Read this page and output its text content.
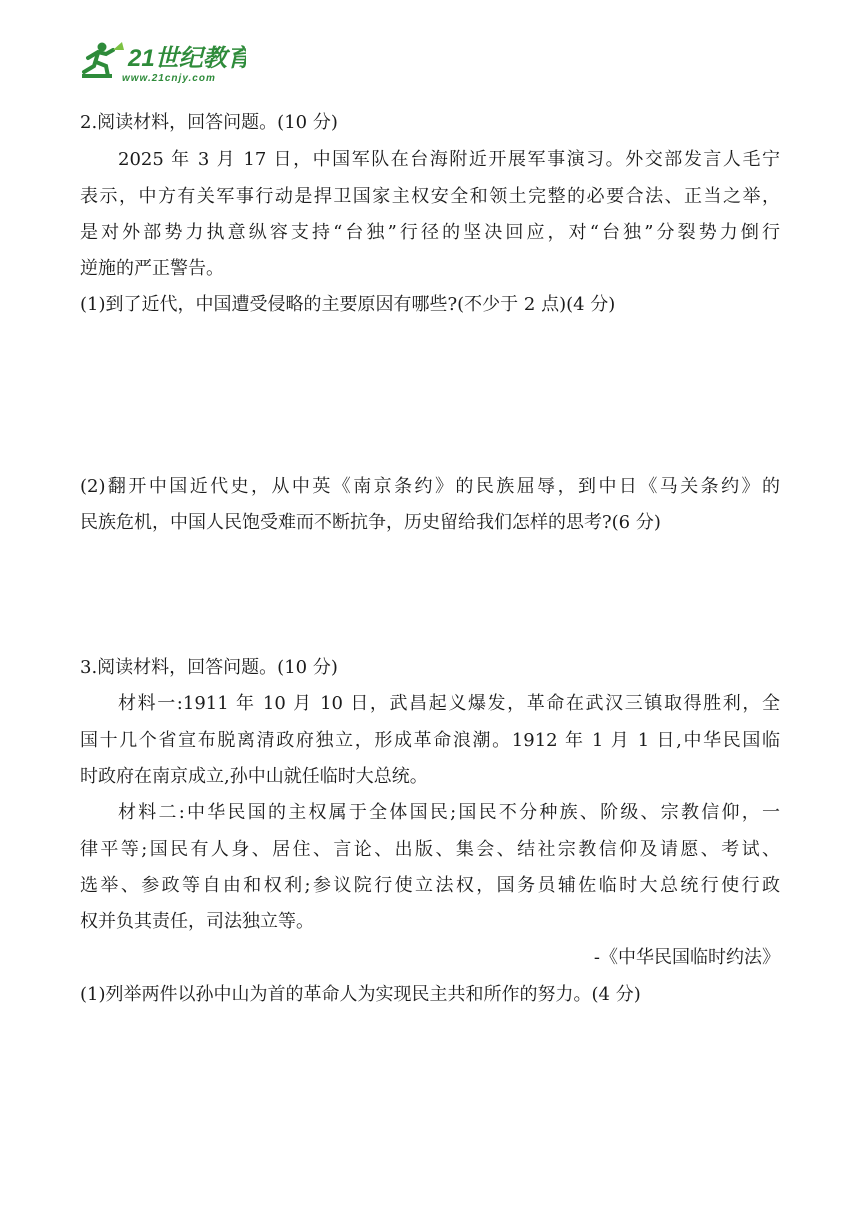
21世纪教育
www.21cnjy.com
2.阅读材料，回答问题。(10 分)
2025 年 3 月 17 日，中国军队在台海附近开展军事演习。外交部发言人毛宁
表示，中方有关军事行动是捍卫国家主权安全和领土完整的必要合法、正当之举，
是对外部势力执意纵容支持“台独”行径的坚决回应，对“台独”分裂势力倒行
逆施的严正警告。
(1)到了近代，中国遭受侵略的主要原因有哪些?(不少于 2 点)(4 分)
(2)翻开中国近代史，从中英《南京条约》的民族屈辱，到中日《马关条约》的
民族危机，中国人民饱受难而不断抗争，历史留给我们怎样的思考?(6 分)
3.阅读材料，回答问题。(10 分)
材料一:1911 年 10 月 10 日，武昌起义爆发，革命在武汉三镇取得胜利，全
国十几个省宣布脱离清政府独立，形成革命浪潮。1912 年 1 月 1 日,中华民国临
时政府在南京成立,孙中山就任临时大总统。
材料二:中华民国的主权属于全体国民;国民不分种族、阶级、宗教信仰，一
律平等;国民有人身、居住、言论、出版、集会、结社宗教信仰及请愿、考试、
选举、参政等自由和权利;参议院行使立法权，国务员辅佐临时大总统行使行政
权并负其责任，司法独立等。
-《中华民国临时约法》
(1)列举两件以孙中山为首的革命人为实现民主共和所作的努力。(4 分)
